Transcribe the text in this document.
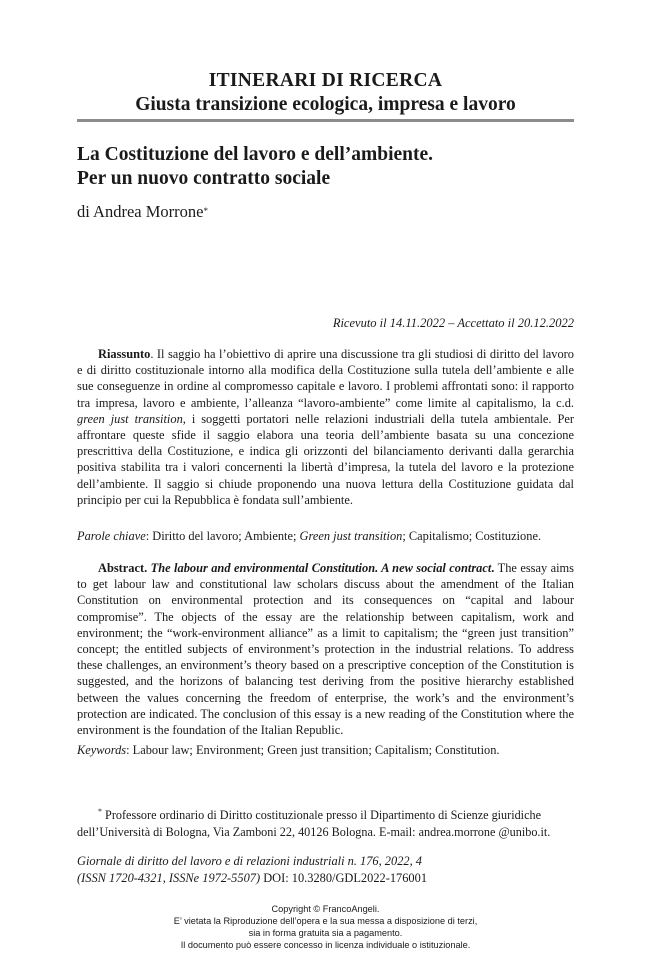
ITINERARI DI RICERCA
Giusta transizione ecologica, impresa e lavoro
La Costituzione del lavoro e dell’ambiente.
Per un nuovo contratto sociale
di Andrea Morrone*
Ricevuto il 14.11.2022 – Accettato il 20.12.2022
Riassunto. Il saggio ha l’obiettivo di aprire una discussione tra gli studiosi di diritto del lavoro e di diritto costituzionale intorno alla modifica della Costituzione sulla tutela dell’ambiente e alle sue conseguenze in ordine al compromesso capitale e lavoro. I problemi affrontati sono: il rapporto tra impresa, lavoro e ambiente, l’alleanza “lavoro-ambiente” come limite al capitalismo, la c.d. green just transition, i soggetti portatori nelle relazioni industriali della tutela ambientale. Per affrontare queste sfide il saggio elabora una teoria dell’ambiente basata su una concezione prescrittiva della Costituzione, e indica gli orizzonti del bilanciamento derivanti dalla gerarchia positiva stabilita tra i valori concernenti la libertà d’impresa, la tutela del lavoro e la protezione dell’ambiente. Il saggio si chiude proponendo una nuova lettura della Costituzione guidata dal principio per cui la Repubblica è fondata sull’ambiente.
Parole chiave: Diritto del lavoro; Ambiente; Green just transition; Capitalismo; Costituzione.
Abstract. The labour and environmental Constitution. A new social contract. The essay aims to get labour law and constitutional law scholars discuss about the amendment of the Italian Constitution on environmental protection and its consequences on “capital and labour compromise”. The objects of the essay are the relationship between capitalism, work and environment; the “work-environment alliance” as a limit to capitalism; the “green just transition” concept; the entitled subjects of environment’s protection in the industrial relations. To address these challenges, an environment’s theory based on a prescriptive conception of the Constitution is suggested, and the horizons of balancing test deriving from the positive hierarchy established between the values concerning the freedom of enterprise, the work’s and the environment’s protection are indicated. The conclusion of this essay is a new reading of the Constitution where the environment is the foundation of the Italian Republic.
Keywords: Labour law; Environment; Green just transition; Capitalism; Constitution.
* Professore ordinario di Diritto costituzionale presso il Dipartimento di Scienze giuridiche dell’Università di Bologna, Via Zamboni 22, 40126 Bologna. E-mail: andrea.morrone @unibo.it.
Giornale di diritto del lavoro e di relazioni industriali n. 176, 2022, 4
(ISSN 1720-4321, ISSNe 1972-5507) DOI: 10.3280/GDL2022-176001
Copyright © FrancoAngeli.
E’ vietata la Riproduzione dell’opera e la sua messa a disposizione di terzi,
sia in forma gratuita sia a pagamento.
Il documento può essere concesso in licenza individuale o istituzionale.
